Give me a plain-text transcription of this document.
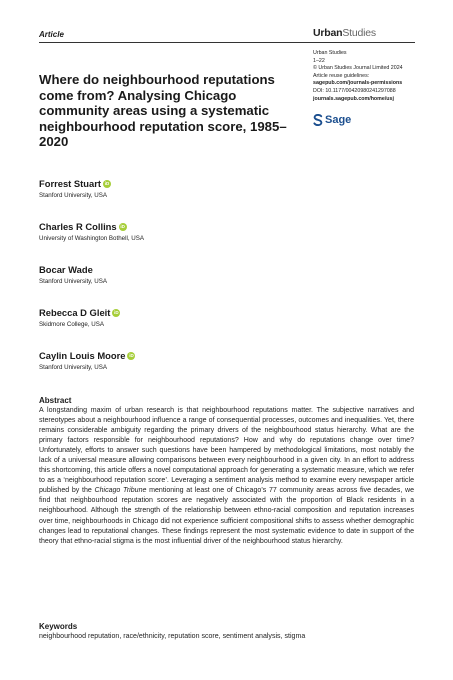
Article	UrbanStudies
Urban Studies
1–22
© Urban Studies Journal Limited 2024
Article reuse guidelines:
sagepub.com/journals-permissions
DOI: 10.1177/00420980241297088
journals.sagepub.com/home/usj
Sage
Where do neighbourhood reputations come from? Analysing Chicago community areas using a systematic neighbourhood reputation score, 1985–2020
Forrest Stuart
iD
Stanford University, USA
Charles R Collins
iD
University of Washington Bothell, USA
Bocar Wade
Stanford University, USA
Rebecca D Gleit
iD
Skidmore College, USA
Caylin Louis Moore
iD
Stanford University, USA
Abstract
A longstanding maxim of urban research is that neighbourhood reputations matter. The subjective narratives and stereotypes about a neighbourhood influence a range of consequential processes, outcomes and inequalities. Yet, there remains considerable ambiguity regarding the primary drivers of the neighbourhood status hierarchy. What are the primary factors responsible for neighbourhood reputations? How and why do reputations change over time? Unfortunately, efforts to answer such questions have been hampered by methodological limitations, most notably the lack of a universal measure allowing comparisons between every neighbourhood in a given city. In an effort to address this shortcoming, this article offers a novel computational approach for generating a systematic measure, which we refer to as a ‘neighbourhood reputation score’. Leveraging a sentiment analysis method to examine every newspaper article published by the Chicago Tribune mentioning at least one of Chicago’s 77 community areas across five decades, we find that neighbourhood reputation scores are negatively associated with the proportion of Black residents in a neighbourhood. Although the strength of the relationship between ethno-racial composition and reputation increases over time, neighbourhoods in Chicago did not experience sufficient compositional shifts to assess whether demographic changes lead to reputational changes. These findings represent the most systematic evidence to date in support of the theory that ethno-racial stigma is the most influential driver of the neighbourhood status hierarchy.
Keywords
neighbourhood reputation, race/ethnicity, reputation score, sentiment analysis, stigma
